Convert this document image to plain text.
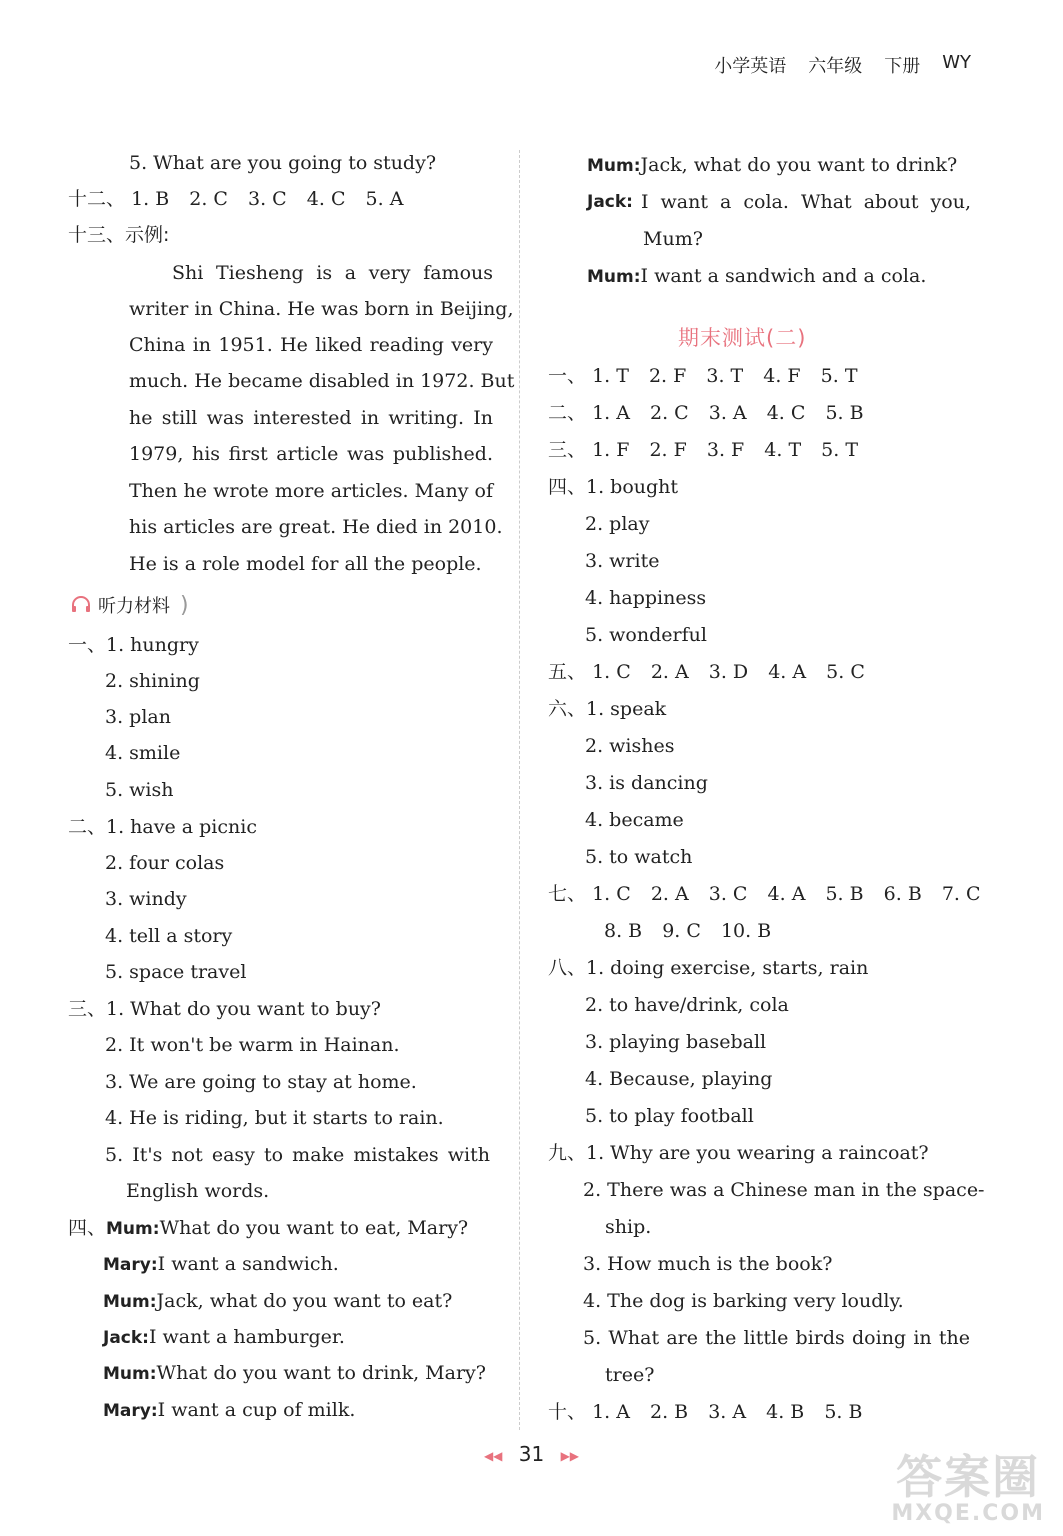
小学英语 六年级 下册 WY
5. What are you going to study?
十二、 1. B 2. C 3. C 4. C 5. A
十三、示例:
Shi Tiesheng is a very famous
writer in China. He was born in Beijing,
China in 1951. He liked reading very
much. He became disabled in 1972. But
he still was interested in writing. In
1979, his first article was published.
Then he wrote more articles. Many of
his articles are great. He died in 2010.
He is a role model for all the people.
听力材料 )
一、1. hungry
2. shining
3. plan
4. smile
5. wish
二、1. have a picnic
2. four colas
3. windy
4. tell a story
5. space travel
三、1. What do you want to buy?
2. It won't be warm in Hainan.
3. We are going to stay at home.
4. He is riding, but it starts to rain.
5. It's not easy to make mistakes with
English words.
四、Mum:What do you want to eat, Mary?
Mary:I want a sandwich.
Mum:Jack, what do you want to eat?
Jack:I want a hamburger.
Mum:What do you want to drink, Mary?
Mary:I want a cup of milk.
Mum:Jack, what do you want to drink?
Jack: I want a cola. What about you,
Mum?
Mum:I want a sandwich and a cola.
期末测试(二)
一、 1. T 2. F 3. T 4. F 5. T
二、 1. A 2. C 3. A 4. C 5. B
三、 1. F 2. F 3. F 4. T 5. T
四、1. bought
2. play
3. write
4. happiness
5. wonderful
五、 1. C 2. A 3. D 4. A 5. C
六、1. speak
2. wishes
3. is dancing
4. became
5. to watch
七、 1. C 2. A 3. C 4. A 5. B 6. B 7. C
8. B 9. C 10. B
八、1. doing exercise, starts, rain
2. to have/drink, cola
3. playing baseball
4. Because, playing
5. to play football
九、1. Why are you wearing a raincoat?
2. There was a Chinese man in the space-
ship.
3. How much is the book?
4. The dog is barking very loudly.
5. What are the little birds doing in the
tree?
十、 1. A 2. B 3. A 4. B 5. B
◀◀ 31 ▶▶	答案圈
MXQE.COM
